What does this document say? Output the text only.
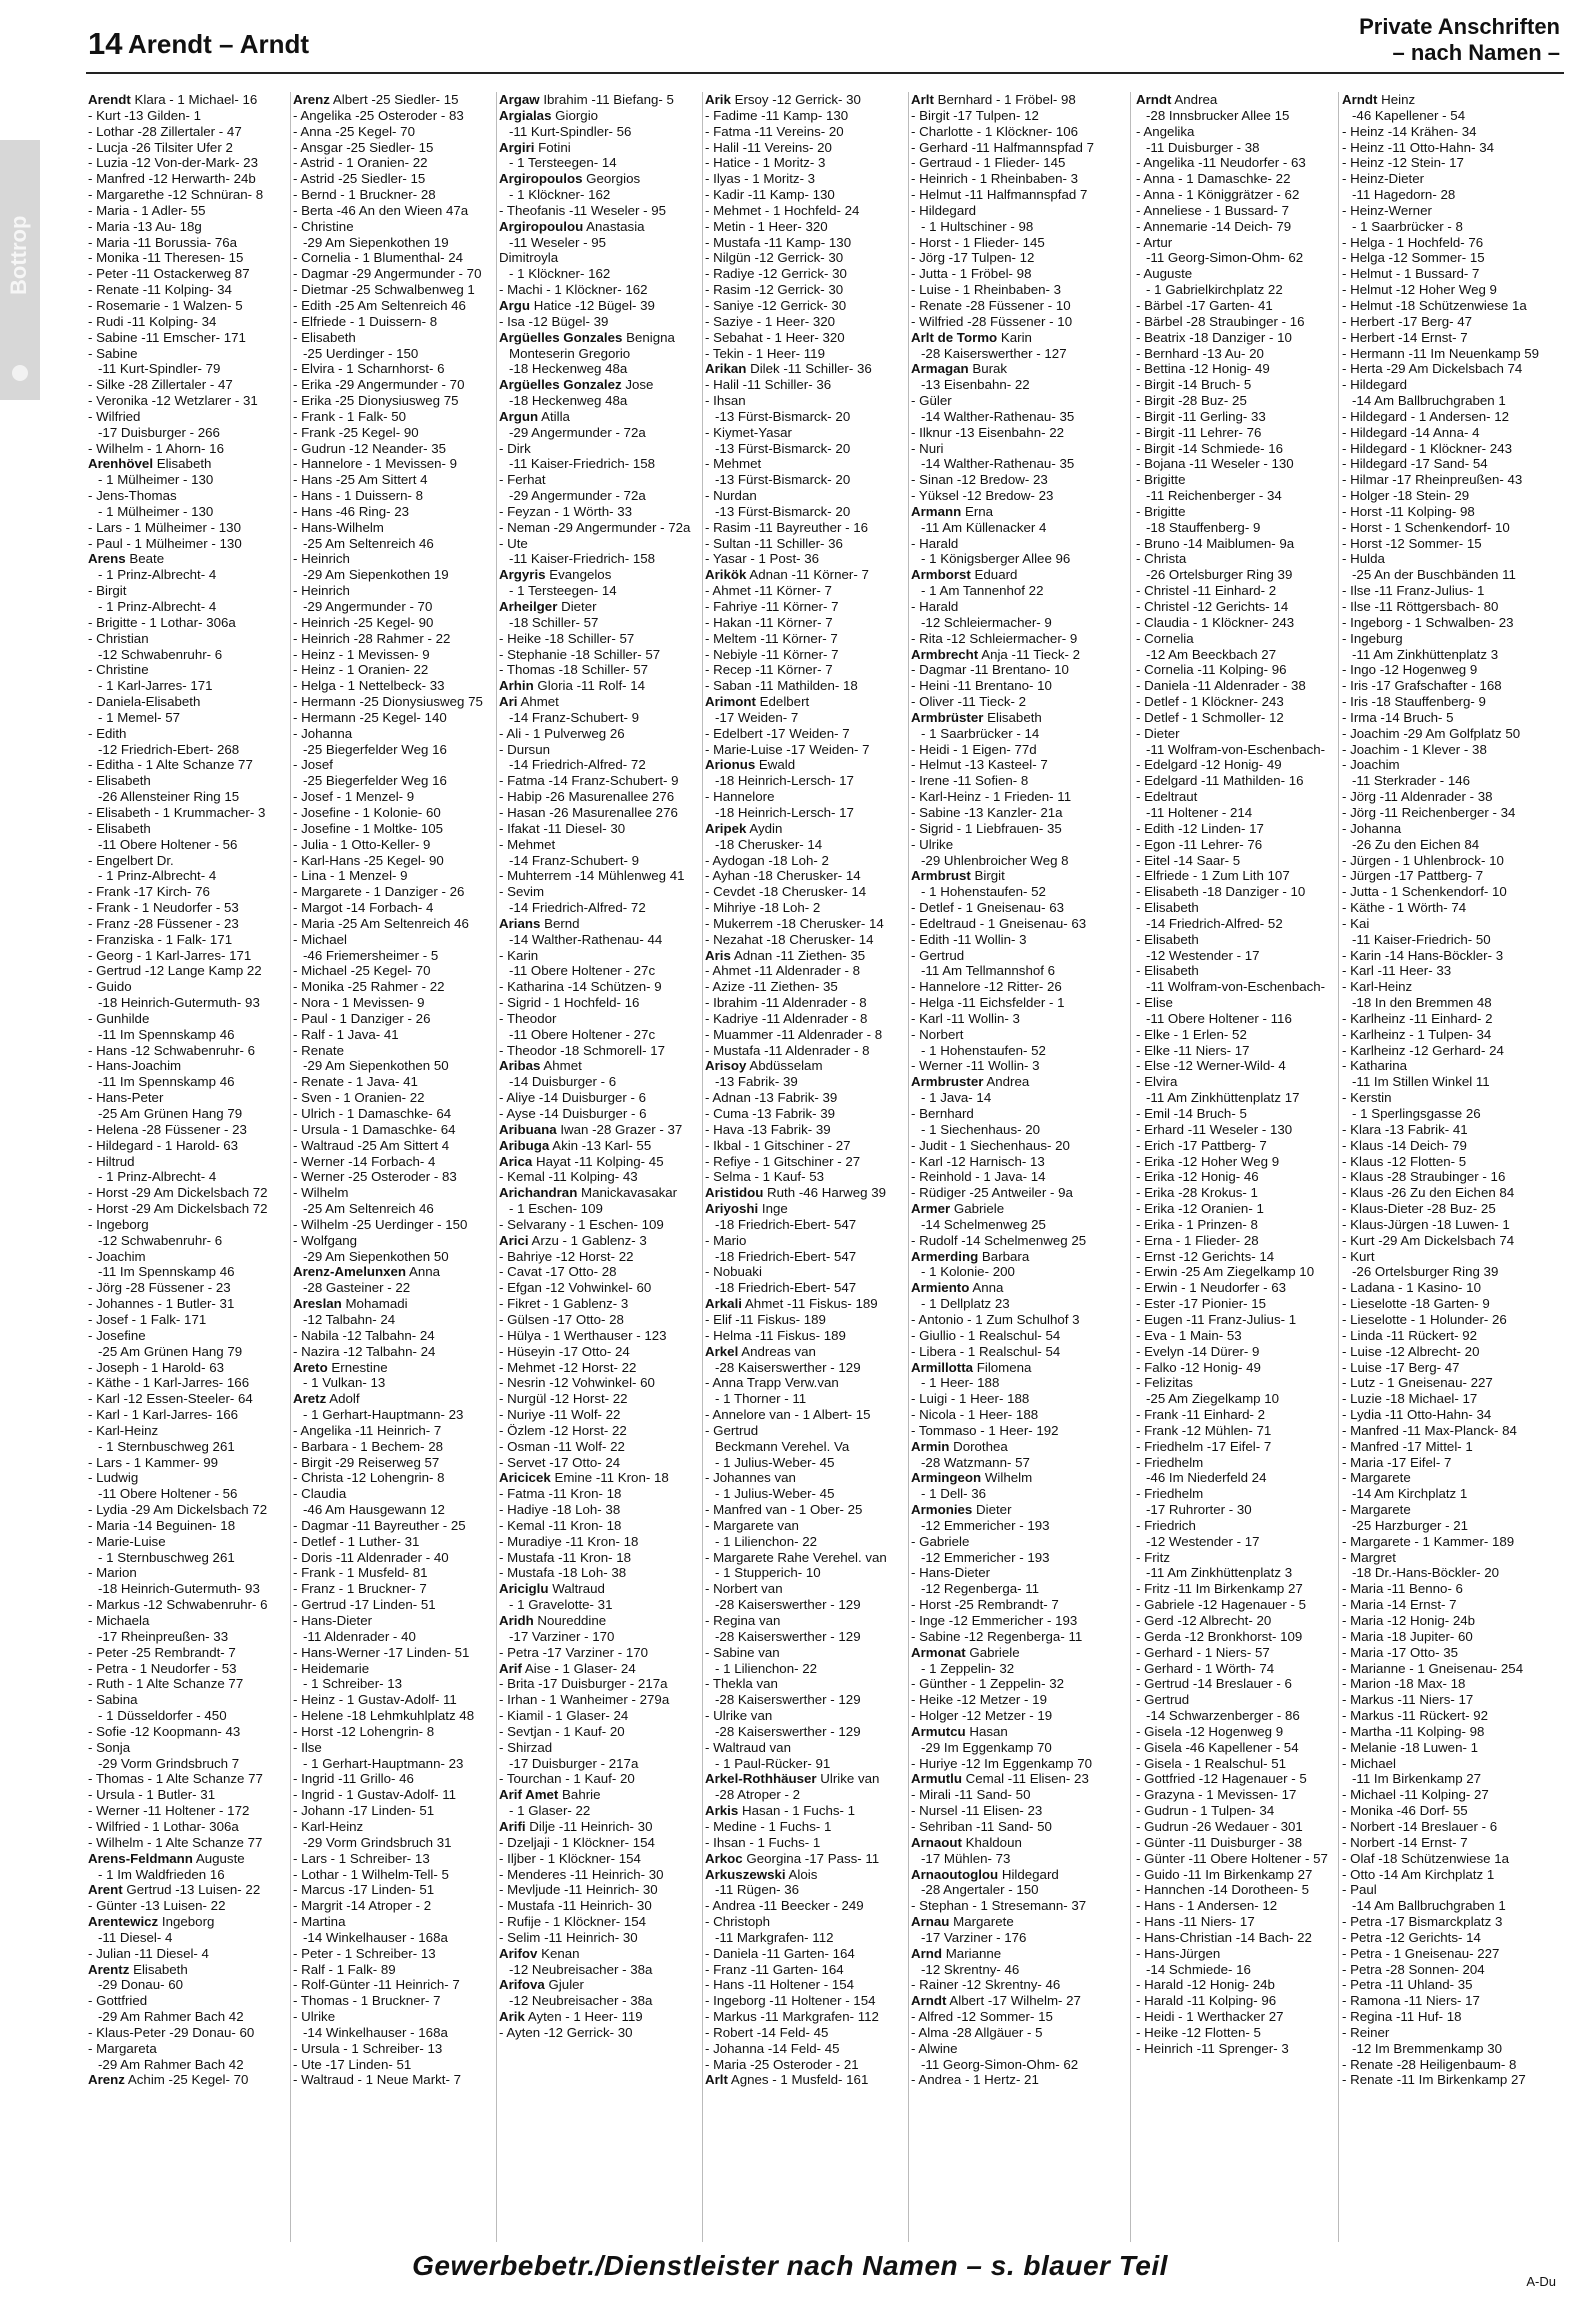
14 Arendt – Arndt
Private Anschriften
– nach Namen –
Bottrop
Arendt Klara - 1 Michael- 16
- Kurt -13 Gilden- 1
- Lothar -28 Zillertaler - 47
- Lucja -26 Tilsiter Ufer 2
- Luzia -12 Von-der-Mark- 23
- Manfred -12 Herwarth- 24b
- Margarethe -12 Schnüran- 8
- Maria - 1 Adler- 55
- Maria -13 Au- 18g
- Maria -11 Borussia- 76a
- Monika -11 Theresen- 15
- Peter -11 Ostackerweg 87
- Renate -11 Kolping- 34
- Rosemarie - 1 Walzen- 5
- Rudi -11 Kolping- 34
- Sabine -11 Emscher- 171
- Sabine
-11 Kurt-Spindler- 79
- Silke -28 Zillertaler - 47
- Veronika -12 Wetzlarer - 31
- Wilfried
-17 Duisburger - 266
- Wilhelm - 1 Ahorn- 16
Arenhövel Elisabeth
- 1 Mülheimer - 130
- Jens-Thomas
- 1 Mülheimer - 130
- Lars - 1 Mülheimer - 130
- Paul - 1 Mülheimer - 130
Arens Beate
- 1 Prinz-Albrecht- 4
- Birgit
- 1 Prinz-Albrecht- 4
- Brigitte - 1 Lothar- 306a
- Christian
-12 Schwabenruhr- 6
- Christine
- 1 Karl-Jarres- 171
- Daniela-Elisabeth
- 1 Memel- 57
- Edith
-12 Friedrich-Ebert- 268
- Editha - 1 Alte Schanze 77
- Elisabeth
-26 Allensteiner Ring 15
- Elisabeth - 1 Krummacher- 3
- Elisabeth
-11 Obere Holtener - 56
- Engelbert Dr.
- 1 Prinz-Albrecht- 4
- Frank -17 Kirch- 76
- Frank - 1 Neudorfer - 53
- Franz -28 Füssener - 23
- Franziska - 1 Falk- 171
- Georg - 1 Karl-Jarres- 171
- Gertrud -12 Lange Kamp 22
- Guido
-18 Heinrich-Gutermuth- 93
- Gunhilde
-11 Im Spennskamp 46
- Hans -12 Schwabenruhr- 6
- Hans-Joachim
-11 Im Spennskamp 46
- Hans-Peter
-25 Am Grünen Hang 79
- Helena -28 Füssener - 23
- Hildegard - 1 Harold- 63
- Hiltrud
- 1 Prinz-Albrecht- 4
- Horst -29 Am Dickelsbach 72
- Horst -29 Am Dickelsbach 72
- Ingeborg
-12 Schwabenruhr- 6
- Joachim
-11 Im Spennskamp 46
- Jörg -28 Füssener - 23
- Johannes - 1 Butler- 31
- Josef - 1 Falk- 171
- Josefine
-25 Am Grünen Hang 79
- Joseph - 1 Harold- 63
- Käthe - 1 Karl-Jarres- 166
- Karl -12 Essen-Steeler- 64
- Karl - 1 Karl-Jarres- 166
- Karl-Heinz
- 1 Sternbuschweg 261
- Lars - 1 Kammer- 99
- Ludwig
-11 Obere Holtener - 56
- Lydia -29 Am Dickelsbach 72
- Maria -14 Beguinen- 18
- Marie-Luise
- 1 Sternbuschweg 261
- Marion
-18 Heinrich-Gutermuth- 93
- Markus -12 Schwabenruhr- 6
- Michaela
-17 Rheinpreußen- 33
- Peter -25 Rembrandt- 7
- Petra - 1 Neudorfer - 53
- Ruth - 1 Alte Schanze 77
- Sabina
- 1 Düsseldorfer - 450
- Sofie -12 Koopmann- 43
- Sonja
-29 Vorm Grindsbruch 7
- Thomas - 1 Alte Schanze 77
- Ursula - 1 Butler- 31
- Werner -11 Holtener - 172
- Wilfried - 1 Lothar- 306a
- Wilhelm - 1 Alte Schanze 77
Arens-Feldmann Auguste
- 1 Im Waldfrieden 16
Arent Gertrud -13 Luisen- 22
- Günter -13 Luisen- 22
Arentewicz Ingeborg
-11 Diesel- 4
- Julian -11 Diesel- 4
Arentz Elisabeth
-29 Donau- 60
- Gottfried
-29 Am Rahmer Bach 42
- Klaus-Peter -29 Donau- 60
- Margareta
-29 Am Rahmer Bach 42
Arenz Achim -25 Kegel- 70
Arenz Albert -25 Siedler- 15
- Angelika -25 Osteroder - 83
- Anna -25 Kegel- 70
- Ansgar -25 Siedler- 15
- Astrid - 1 Oranien- 22
- Astrid -25 Siedler- 15
- Bernd - 1 Bruckner- 28
- Berta -46 An den Wieen 47a
- Christine
-29 Am Siepenkothen 19
- Cornelia - 1 Blumenthal- 24
- Dagmar -29 Angermunder - 70
- Dietmar -25 Schwalbenweg 1
- Edith -25 Am Seltenreich 46
- Elfriede - 1 Duissern- 8
- Elisabeth
-25 Uerdinger - 150
- Elvira - 1 Scharnhorst- 6
- Erika -29 Angermunder - 70
- Erika -25 Dionysiusweg 75
- Frank - 1 Falk- 50
- Frank -25 Kegel- 90
- Gudrun -12 Neander- 35
- Hannelore - 1 Mevissen- 9
- Hans -25 Am Sittert 4
- Hans - 1 Duissern- 8
- Hans -46 Ring- 23
- Hans-Wilhelm
-25 Am Seltenreich 46
- Heinrich
-29 Am Siepenkothen 19
- Heinrich
-29 Angermunder - 70
- Heinrich -25 Kegel- 90
- Heinrich -28 Rahmer - 22
- Heinz - 1 Mevissen- 9
- Heinz - 1 Oranien- 22
- Helga - 1 Nettelbeck- 33
- Hermann -25 Dionysiusweg 75
- Hermann -25 Kegel- 140
- Johanna
-25 Biegerfelder Weg 16
- Josef
-25 Biegerfelder Weg 16
- Josef - 1 Menzel- 9
- Josefine - 1 Kolonie- 60
- Josefine - 1 Moltke- 105
- Julia - 1 Otto-Keller- 9
- Karl-Hans -25 Kegel- 90
- Lina - 1 Menzel- 9
- Margarete - 1 Danziger - 26
- Margot -14 Forbach- 4
- Maria -25 Am Seltenreich 46
- Michael
-46 Friemersheimer - 5
- Michael -25 Kegel- 70
- Monika -25 Rahmer - 22
- Nora - 1 Mevissen- 9
- Paul - 1 Danziger - 26
- Ralf - 1 Java- 41
- Renate
-29 Am Siepenkothen 50
- Renate - 1 Java- 41
- Sven - 1 Oranien- 22
- Ulrich - 1 Damaschke- 64
- Ursula - 1 Damaschke- 64
- Waltraud -25 Am Sittert 4
- Werner -14 Forbach- 4
- Werner -25 Osteroder - 83
- Wilhelm
-25 Am Seltenreich 46
- Wilhelm -25 Uerdinger - 150
- Wolfgang
-29 Am Siepenkothen 50
Arenz-Amelunxen Anna
-28 Gasteiner - 22
Areslan Mohamadi
-12 Talbahn- 24
- Nabila -12 Talbahn- 24
- Nazira -12 Talbahn- 24
Areto Ernestine
- 1 Vulkan- 13
Aretz Adolf
- 1 Gerhart-Hauptmann- 23
- Angelika -11 Heinrich- 7
- Barbara - 1 Bechem- 28
- Birgit -29 Reiserweg 57
- Christa -12 Lohengrin- 8
- Claudia
-46 Am Hausgewann 12
- Dagmar -11 Bayreuther - 25
- Detlef - 1 Luther- 31
- Doris -11 Aldenrader - 40
- Frank - 1 Musfeld- 81
- Franz - 1 Bruckner- 7
- Gertrud -17 Linden- 51
- Hans-Dieter
-11 Aldenrader - 40
- Hans-Werner -17 Linden- 51
- Heidemarie
- 1 Schreiber- 13
- Heinz - 1 Gustav-Adolf- 11
- Helene -18 Lehmkuhlplatz 48
- Horst -12 Lohengrin- 8
- Ilse
- 1 Gerhart-Hauptmann- 23
- Ingrid -11 Grillo- 46
- Ingrid - 1 Gustav-Adolf- 11
- Johann -17 Linden- 51
- Karl-Heinz
-29 Vorm Grindsbruch 31
- Lars - 1 Schreiber- 13
- Lothar - 1 Wilhelm-Tell- 5
- Marcus -17 Linden- 51
- Margrit -14 Atroper - 2
- Martina
-14 Winkelhauser - 168a
- Peter - 1 Schreiber- 13
- Ralf - 1 Falk- 89
- Rolf-Günter -11 Heinrich- 7
- Thomas - 1 Bruckner- 7
- Ulrike
-14 Winkelhauser - 168a
- Ursula - 1 Schreiber- 13
- Ute -17 Linden- 51
- Waltraud - 1 Neue Markt- 7
Argaw Ibrahim -11 Biefang- 5
Argialas Giorgio
-11 Kurt-Spindler- 56
Argiri Fotini
- 1 Tersteegen- 14
Argiropoulos Georgios
- 1 Klöckner- 162
- Theofanis -11 Weseler - 95
Argiropoulou Anastasia
-11 Weseler - 95
Dimitroyla
- 1 Klöckner- 162
- Machi - 1 Klöckner- 162
Argu Hatice -12 Bügel- 39
- Isa -12 Bügel- 39
Argüelles Gonzales Benigna
Monteserin Gregorio
-18 Heckenweg 48a
Argüelles Gonzalez Jose
-18 Heckenweg 48a
Argun Atilla
-29 Angermunder - 72a
- Dirk
-11 Kaiser-Friedrich- 158
- Ferhat
-29 Angermunder - 72a
- Feyzan - 1 Wörth- 33
- Neman -29 Angermunder - 72a
- Ute
-11 Kaiser-Friedrich- 158
Argyris Evangelos
- 1 Tersteegen- 14
Arheilger Dieter
-18 Schiller- 57
- Heike -18 Schiller- 57
- Stephanie -18 Schiller- 57
- Thomas -18 Schiller- 57
Arhin Gloria -11 Rolf- 14
Ari Ahmet
-14 Franz-Schubert- 9
- Ali - 1 Pulverweg 26
- Dursun
-14 Friedrich-Alfred- 72
- Fatma -14 Franz-Schubert- 9
- Habip -26 Masurenallee 276
- Hasan -26 Masurenallee 276
- Ifakat -11 Diesel- 30
- Mehmet
-14 Franz-Schubert- 9
- Muhterrem -14 Mühlenweg 41
- Sevim
-14 Friedrich-Alfred- 72
Arians Bernd
-14 Walther-Rathenau- 44
- Karin
-11 Obere Holtener - 27c
- Katharina -14 Schützen- 9
- Sigrid - 1 Hochfeld- 16
- Theodor
-11 Obere Holtener - 27c
- Theodor -18 Schmorell- 17
Aribas Ahmet
-14 Duisburger - 6
- Aliye -14 Duisburger - 6
- Ayse -14 Duisburger - 6
Aribuana Iwan -28 Grazer - 37
Aribuga Akin -13 Karl- 55
Arica Hayat -11 Kolping- 45
- Kemal -11 Kolping- 43
Arichandran Manickavasakar
- 1 Eschen- 109
- Selvarany - 1 Eschen- 109
Arici Arzu - 1 Gablenz- 3
- Bahriye -12 Horst- 22
- Cavat -17 Otto- 28
- Efgan -12 Vohwinkel- 60
- Fikret - 1 Gablenz- 3
- Gülsen -17 Otto- 28
- Hülya - 1 Werthauser - 123
- Hüseyin -17 Otto- 24
- Mehmet -12 Horst- 22
- Nesrin -12 Vohwinkel- 60
- Nurgül -12 Horst- 22
- Nuriye -11 Wolf- 22
- Özlem -12 Horst- 22
- Osman -11 Wolf- 22
- Servet -17 Otto- 24
Aricicek Emine -11 Kron- 18
- Fatma -11 Kron- 18
- Hadiye -18 Loh- 38
- Kemal -11 Kron- 18
- Muradiye -11 Kron- 18
- Mustafa -11 Kron- 18
- Mustafa -18 Loh- 38
Ariciglu Waltraud
- 1 Gravelotte- 31
Aridh Noureddine
-17 Varziner - 170
- Petra -17 Varziner - 170
Arif Aise - 1 Glaser- 24
- Brita -17 Duisburger - 217a
- Irhan - 1 Wanheimer - 279a
- Kiamil - 1 Glaser- 24
- Sevtjan - 1 Kauf- 20
- Shirzad
-17 Duisburger - 217a
- Tourchan - 1 Kauf- 20
Arif Amet Bahrie
- 1 Glaser- 22
Arifi Dilje -11 Heinrich- 30
- Dzeljaji - 1 Klöckner- 154
- Iljber - 1 Klöckner- 154
- Menderes -11 Heinrich- 30
- Mevljude -11 Heinrich- 30
- Mustafa -11 Heinrich- 30
- Rufije - 1 Klöckner- 154
- Selim -11 Heinrich- 30
Arifov Kenan
-12 Neubreisacher - 38a
Arifova Gjuler
-12 Neubreisacher - 38a
Arik Ayten - 1 Heer- 119
- Ayten -12 Gerrick- 30
Arik Ersoy -12 Gerrick- 30
- Fadime -11 Kamp- 130
- Fatma -11 Vereins- 20
- Halil -11 Vereins- 20
- Hatice - 1 Moritz- 3
- Ilyas - 1 Moritz- 3
- Kadir -11 Kamp- 130
- Mehmet - 1 Hochfeld- 24
- Metin - 1 Heer- 320
- Mustafa -11 Kamp- 130
- Nilgün -12 Gerrick- 30
- Radiye -12 Gerrick- 30
- Rasim -12 Gerrick- 30
- Saniye -12 Gerrick- 30
- Saziye - 1 Heer- 320
- Sebahat - 1 Heer- 320
- Tekin - 1 Heer- 119
Arikan Dilek -11 Schiller- 36
- Halil -11 Schiller- 36
- Ihsan
-13 Fürst-Bismarck- 20
- Kiymet-Yasar
-13 Fürst-Bismarck- 20
- Mehmet
-13 Fürst-Bismarck- 20
- Nurdan
-13 Fürst-Bismarck- 20
- Rasim -11 Bayreuther - 16
- Sultan -11 Schiller- 36
- Yasar - 1 Post- 36
Arikök Adnan -11 Körner- 7
- Ahmet -11 Körner- 7
- Fahriye -11 Körner- 7
- Hakan -11 Körner- 7
- Meltem -11 Körner- 7
- Nebiyle -11 Körner- 7
- Recep -11 Körner- 7
- Saban -11 Mathilden- 18
Arimont Edelbert
-17 Weiden- 7
- Edelbert -17 Weiden- 7
- Marie-Luise -17 Weiden- 7
Arionus Ewald
-18 Heinrich-Lersch- 17
- Hannelore
-18 Heinrich-Lersch- 17
Aripek Aydin
-18 Cherusker- 14
- Aydogan -18 Loh- 2
- Ayhan -18 Cherusker- 14
- Cevdet -18 Cherusker- 14
- Mihriye -18 Loh- 2
- Mukerrem -18 Cherusker- 14
- Nezahat -18 Cherusker- 14
Aris Adnan -11 Ziethen- 35
- Ahmet -11 Aldenrader - 8
- Azize -11 Ziethen- 35
- Ibrahim -11 Aldenrader - 8
- Kadriye -11 Aldenrader - 8
- Muammer -11 Aldenrader - 8
- Mustafa -11 Aldenrader - 8
Arisoy Abdüsselam
-13 Fabrik- 39
- Adnan -13 Fabrik- 39
- Cuma -13 Fabrik- 39
- Hava -13 Fabrik- 39
- Ikbal - 1 Gitschiner - 27
- Refiye - 1 Gitschiner - 27
- Selma - 1 Kauf- 53
Aristidou Ruth -46 Harweg 39
Ariyoshi Inge
-18 Friedrich-Ebert- 547
- Mario
-18 Friedrich-Ebert- 547
- Nobuaki
-18 Friedrich-Ebert- 547
Arkali Ahmet -11 Fiskus- 189
- Elif -11 Fiskus- 189
- Helma -11 Fiskus- 189
Arkel Andreas van
-28 Kaiserswerther - 129
- Anna Trapp Verw.van
- 1 Thorner - 11
- Annelore van - 1 Albert- 15
- Gertrud
Beckmann Verehel. Va
- 1 Julius-Weber- 45
- Johannes van
- 1 Julius-Weber- 45
- Manfred van - 1 Ober- 25
- Margarete van
- 1 Lilienchon- 22
- Margarete Rahe Verehel. van
- 1 Stupperich- 10
- Norbert van
-28 Kaiserswerther - 129
- Regina van
-28 Kaiserswerther - 129
- Sabine van
- 1 Lilienchon- 22
- Thekla van
-28 Kaiserswerther - 129
- Ulrike van
-28 Kaiserswerther - 129
- Waltraud van
- 1 Paul-Rücker- 91
Arkel-Rothhäuser Ulrike van
-28 Atroper - 2
Arkis Hasan - 1 Fuchs- 1
- Medine - 1 Fuchs- 1
- Ihsan - 1 Fuchs- 1
Arkoc Georgina -17 Pass- 11
Arkuszewski Alois
-11 Rügen- 36
- Andrea -11 Beecker - 249
- Christoph
-11 Markgrafen- 112
- Daniela -11 Garten- 164
- Franz -11 Garten- 164
- Hans -11 Holtener - 154
- Ingeborg -11 Holtener - 154
- Markus -11 Markgrafen- 112
- Robert -14 Feld- 45
- Johanna -14 Feld- 45
- Maria -25 Osteroder - 21
Arlt Agnes - 1 Musfeld- 161
Arlt Bernhard - 1 Fröbel- 98
- Birgit -17 Tulpen- 12
- Charlotte - 1 Klöckner- 106
- Gerhard -11 Halfmannspfad 7
- Gertraud - 1 Flieder- 145
- Heinrich - 1 Rheinbaben- 3
- Helmut -11 Halfmannspfad 7
- Hildegard
- 1 Hultschiner - 98
- Horst - 1 Flieder- 145
- Jörg -17 Tulpen- 12
- Jutta - 1 Fröbel- 98
- Luise - 1 Rheinbaben- 3
- Renate -28 Füssener - 10
- Wilfried -28 Füssener - 10
Arlt de Tormo Karin
-28 Kaiserswerther - 127
Armagan Burak
-13 Eisenbahn- 22
- Güler
-14 Walther-Rathenau- 35
- Ilknur -13 Eisenbahn- 22
- Nuri
-14 Walther-Rathenau- 35
- Sinan -12 Bredow- 23
- Yüksel -12 Bredow- 23
Armann Erna
-11 Am Küllenacker 4
- Harald
- 1 Königsberger Allee 96
Armborst Eduard
- 1 Am Tannenhof 22
- Harald
-12 Schleiermacher- 9
- Rita -12 Schleiermacher- 9
Armbrecht Anja -11 Tieck- 2
- Dagmar -11 Brentano- 10
- Heini -11 Brentano- 10
- Oliver -11 Tieck- 2
Armbrüster Elisabeth
- 1 Saarbrücker - 14
- Heidi - 1 Eigen- 77d
- Helmut -13 Kasteel- 7
- Irene -11 Sofien- 8
- Karl-Heinz - 1 Frieden- 11
- Sabine -13 Kanzler- 21a
- Sigrid - 1 Liebfrauen- 35
- Ulrike
-29 Uhlenbroicher Weg 8
Armbrust Birgit
- 1 Hohenstaufen- 52
- Detlef - 1 Gneisenau- 63
- Edeltraud - 1 Gneisenau- 63
- Edith -11 Wollin- 3
- Gertrud
-11 Am Tellmannshof 6
- Hannelore -12 Ritter- 26
- Helga -11 Eichsfelder - 1
- Karl -11 Wollin- 3
- Norbert
- 1 Hohenstaufen- 52
- Werner -11 Wollin- 3
Armbruster Andrea
- 1 Java- 14
- Bernhard
- 1 Siechenhaus- 20
- Judit - 1 Siechenhaus- 20
- Karl -12 Harnisch- 13
- Reinhold - 1 Java- 14
- Rüdiger -25 Antweiler - 9a
Armer Gabriele
-14 Schelmenweg 25
- Rudolf -14 Schelmenweg 25
Armerding Barbara
- 1 Kolonie- 200
Armiento Anna
- 1 Dellplatz 23
- Antonio - 1 Zum Schulhof 3
- Giullio - 1 Realschul- 54
- Libera - 1 Realschul- 54
Armillotta Filomena
- 1 Heer- 188
- Luigi - 1 Heer- 188
- Nicola - 1 Heer- 188
- Tommaso - 1 Heer- 192
Armin Dorothea
-28 Watzmann- 57
Armingeon Wilhelm
- 1 Dell- 36
Armonies Dieter
-12 Emmericher - 193
- Gabriele
-12 Emmericher - 193
- Hans-Dieter
-12 Regenberga- 11
- Horst -25 Rembrandt- 7
- Inge -12 Emmericher - 193
- Sabine -12 Regenberga- 11
Armonat Gabriele
- 1 Zeppelin- 32
- Günther - 1 Zeppelin- 32
- Heike -12 Metzer - 19
- Holger -12 Metzer - 19
Armutcu Hasan
-29 Im Eggenkamp 70
- Huriye -12 Im Eggenkamp 70
Armutlu Cemal -11 Elisen- 23
- Mirali -11 Sand- 50
- Nursel -11 Elisen- 23
- Sehriban -11 Sand- 50
Arnaout Khaldoun
-17 Mühlen- 73
Arnaoutoglou Hildegard
-28 Angertaler - 150
- Stephan - 1 Stresemann- 37
Arnau Margarete
-17 Varziner - 176
Arnd Marianne
-12 Skrentny- 46
- Rainer -12 Skrentny- 46
Arndt Albert -17 Wilhelm- 27
- Alfred -12 Sommer- 15
- Alma -28 Allgäuer - 5
- Alwine
-11 Georg-Simon-Ohm- 62
- Andrea - 1 Hertz- 21
Arndt Andrea
-28 Innsbrucker Allee 15
- Angelika
-11 Duisburger - 38
- Angelika -11 Neudorfer - 63
- Anna - 1 Damaschke- 22
- Anna - 1 Königgrätzer - 62
- Anneliese - 1 Bussard- 7
- Annemarie -14 Deich- 79
- Artur
-11 Georg-Simon-Ohm- 62
- Auguste
- 1 Gabrielkirchplatz 22
- Bärbel -17 Garten- 41
- Bärbel -28 Straubinger - 16
- Beatrix -18 Danziger - 10
- Bernhard -13 Au- 20
- Bettina -12 Honig- 49
- Birgit -14 Bruch- 5
- Birgit -28 Buz- 25
- Birgit -11 Gerling- 33
- Birgit -11 Lehrer- 76
- Birgit -14 Schmiede- 16
- Bojana -11 Weseler - 130
- Brigitte
-11 Reichenberger - 34
- Brigitte
-18 Stauffenberg- 9
- Bruno -14 Maiblumen- 9a
- Christa
-26 Ortelsburger Ring 39
- Christel -11 Einhard- 2
- Christel -12 Gerichts- 14
- Claudia - 1 Klöckner- 243
- Cornelia
-12 Am Beeckbach 27
- Cornelia -11 Kolping- 96
- Daniela -11 Aldenrader - 38
- Detlef - 1 Klöckner- 243
- Detlef - 1 Schmoller- 12
- Dieter
-11 Wolfram-von-Eschenbach-
- Edelgard -12 Honig- 49
- Edelgard -11 Mathilden- 16
- Edeltraut
-11 Holtener - 214
- Edith -12 Linden- 17
- Egon -11 Lehrer- 76
- Eitel -14 Saar- 5
- Elfriede - 1 Zum Lith 107
- Elisabeth -18 Danziger - 10
- Elisabeth
-14 Friedrich-Alfred- 52
- Elisabeth
-12 Westender - 17
- Elisabeth
-11 Wolfram-von-Eschenbach-
- Elise
-11 Obere Holtener - 116
- Elke - 1 Erlen- 52
- Elke -11 Niers- 17
- Else -12 Werner-Wild- 4
- Elvira
-11 Am Zinkhüttenplatz 17
- Emil -14 Bruch- 5
- Erhard -11 Weseler - 130
- Erich -17 Pattberg- 7
- Erika -12 Hoher Weg 9
- Erika -12 Honig- 46
- Erika -28 Krokus- 1
- Erika -12 Oranien- 1
- Erika - 1 Prinzen- 8
- Erna - 1 Flieder- 28
- Ernst -12 Gerichts- 14
- Erwin -25 Am Ziegelkamp 10
- Erwin - 1 Neudorfer - 63
- Ester -17 Pionier- 15
- Eugen -11 Franz-Julius- 1
- Eva - 1 Main- 53
- Evelyn -14 Dürer- 9
- Falko -12 Honig- 49
- Felizitas
-25 Am Ziegelkamp 10
- Frank -11 Einhard- 2
- Frank -12 Mühlen- 71
- Friedhelm -17 Eifel- 7
- Friedhelm
-46 Im Niederfeld 24
- Friedhelm
-17 Ruhrorter - 30
- Friedrich
-12 Westender - 17
- Fritz
-11 Am Zinkhüttenplatz 3
- Fritz -11 Im Birkenkamp 27
- Gabriele -12 Hagenauer - 5
- Gerd -12 Albrecht- 20
- Gerda -12 Bronkhorst- 109
- Gerhard - 1 Niers- 57
- Gerhard - 1 Wörth- 74
- Gertrud -14 Breslauer - 6
- Gertrud
-14 Schwarzenberger - 86
- Gisela -12 Hogenweg 9
- Gisela -46 Kapellener - 54
- Gisela - 1 Realschul- 51
- Gottfried -12 Hagenauer - 5
- Grazyna - 1 Mevissen- 17
- Gudrun - 1 Tulpen- 34
- Gudrun -26 Wedauer - 301
- Günter -11 Duisburger - 38
- Günter -11 Obere Holtener - 57
- Guido -11 Im Birkenkamp 27
- Hannchen -14 Dorotheen- 5
- Hans - 1 Andersen- 12
- Hans -11 Niers- 17
- Hans-Christian -14 Bach- 22
- Hans-Jürgen
-14 Schmiede- 16
- Harald -12 Honig- 24b
- Harald -11 Kolping- 96
- Heidi - 1 Werthacker 27
- Heike -12 Flotten- 5
- Heinrich -11 Sprenger- 3
Arndt Heinz
-46 Kapellener - 54
- Heinz -14 Krähen- 34
- Heinz -11 Otto-Hahn- 34
- Heinz -12 Stein- 17
- Heinz-Dieter
-11 Hagedorn- 28
- Heinz-Werner
- 1 Saarbrücker - 8
- Helga - 1 Hochfeld- 76
- Helga -12 Sommer- 15
- Helmut - 1 Bussard- 7
- Helmut -12 Hoher Weg 9
- Helmut -18 Schützenwiese 1a
- Herbert -17 Berg- 47
- Herbert -14 Ernst- 7
- Hermann -11 Im Neuenkamp 59
- Herta -29 Am Dickelsbach 74
- Hildegard
-14 Am Ballbruchgraben 1
- Hildegard - 1 Andersen- 12
- Hildegard -14 Anna- 4
- Hildegard - 1 Klöckner- 243
- Hildegard -17 Sand- 54
- Hilmar -17 Rheinpreußen- 43
- Holger -18 Stein- 29
- Horst -11 Kolping- 98
- Horst - 1 Schenkendorf- 10
- Horst -12 Sommer- 15
- Hulda
-25 An der Buschbänden 11
- Ilse -11 Franz-Julius- 1
- Ilse -11 Röttgersbach- 80
- Ingeborg - 1 Schwalben- 23
- Ingeburg
-11 Am Zinkhüttenplatz 3
- Ingo -12 Hogenweg 9
- Iris -17 Grafschafter - 168
- Iris -18 Stauffenberg- 9
- Irma -14 Bruch- 5
- Joachim -29 Am Golfplatz 50
- Joachim - 1 Klever - 38
- Joachim
-11 Sterkrader - 146
- Jörg -11 Aldenrader - 38
- Jörg -11 Reichenberger - 34
- Johanna
-26 Zu den Eichen 84
- Jürgen - 1 Uhlenbrock- 10
- Jürgen -17 Pattberg- 7
- Jutta - 1 Schenkendorf- 10
- Käthe - 1 Wörth- 74
- Kai
-11 Kaiser-Friedrich- 50
- Karin -14 Hans-Böckler- 3
- Karl -11 Heer- 33
- Karl-Heinz
-18 In den Bremmen 48
- Karlheinz -11 Einhard- 2
- Karlheinz - 1 Tulpen- 34
- Karlheinz -12 Gerhard- 24
- Katharina
-11 Im Stillen Winkel 11
- Kerstin
- 1 Sperlingsgasse 26
- Klara -13 Fabrik- 41
- Klaus -14 Deich- 79
- Klaus -12 Flotten- 5
- Klaus -28 Straubinger - 16
- Klaus -26 Zu den Eichen 84
- Klaus-Dieter -28 Buz- 25
- Klaus-Jürgen -18 Luwen- 1
- Kurt -29 Am Dickelsbach 74
- Kurt
-26 Ortelsburger Ring 39
- Ladana - 1 Kasino- 10
- Lieselotte -18 Garten- 9
- Lieselotte - 1 Holunder- 26
- Linda -11 Rückert- 92
- Luise -12 Albrecht- 20
- Luise -17 Berg- 47
- Lutz - 1 Gneisenau- 227
- Luzie -18 Michael- 17
- Lydia -11 Otto-Hahn- 34
- Manfred -11 Max-Planck- 84
- Manfred -17 Mittel- 1
- Maria -17 Eifel- 7
- Margarete
-14 Am Kirchplatz 1
- Margarete
-25 Harzburger - 21
- Margarete - 1 Kammer- 189
- Margret
-18 Dr.-Hans-Böckler- 20
- Maria -11 Benno- 6
- Maria -14 Ernst- 7
- Maria -12 Honig- 24b
- Maria -18 Jupiter- 60
- Maria -17 Otto- 35
- Marianne - 1 Gneisenau- 254
- Marion -18 Max- 18
- Markus -11 Niers- 17
- Markus -11 Rückert- 92
- Martha -11 Kolping- 98
- Melanie -18 Luwen- 1
- Michael
-11 Im Birkenkamp 27
- Michael -11 Kolping- 27
- Monika -46 Dorf- 55
- Norbert -14 Breslauer - 6
- Norbert -14 Ernst- 7
- Olaf -18 Schützenwiese 1a
- Otto -14 Am Kirchplatz 1
- Paul
-14 Am Ballbruchgraben 1
- Petra -17 Bismarckplatz 3
- Petra -12 Gerichts- 14
- Petra - 1 Gneisenau- 227
- Petra -28 Sonnen- 204
- Petra -11 Uhland- 35
- Ramona -11 Niers- 17
- Regina -11 Huf- 18
- Reiner
-12 Im Bremmenkamp 30
- Renate -28 Heiligenbaum- 8
- Renate -11 Im Birkenkamp 27
Gewerbebetr./Dienstleister nach Namen – s. blauer Teil
A-Du
